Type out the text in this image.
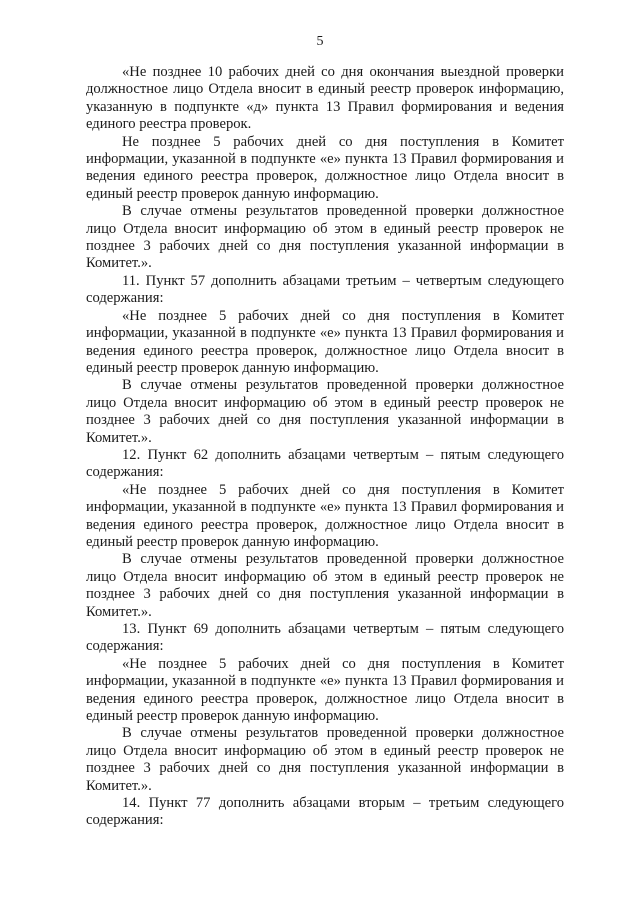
5

«Не позднее 10 рабочих дней со дня окончания выездной проверки должностное лицо Отдела вносит в единый реестр проверок информацию, указанную в подпункте «д» пункта 13 Правил формирования и ведения единого реестра проверок.

Не позднее 5 рабочих дней со дня поступления в Комитет информации, указанной в подпункте «е» пункта 13 Правил формирования и ведения единого реестра проверок, должностное лицо Отдела вносит в единый реестр проверок данную информацию.

В случае отмены результатов проведенной проверки должностное лицо Отдела вносит информацию об этом в единый реестр проверок не позднее 3 рабочих дней со дня поступления указанной информации в Комитет.».

11. Пункт 57 дополнить абзацами третьим – четвертым следующего содержания:

«Не позднее 5 рабочих дней со дня поступления в Комитет информации, указанной в подпункте «е» пункта 13 Правил формирования и ведения единого реестра проверок, должностное лицо Отдела вносит в единый реестр проверок данную информацию.

В случае отмены результатов проведенной проверки должностное лицо Отдела вносит информацию об этом в единый реестр проверок не позднее 3 рабочих дней со дня поступления указанной информации в Комитет.».

12. Пункт 62 дополнить абзацами четвертым – пятым следующего содержания:

«Не позднее 5 рабочих дней со дня поступления в Комитет информации, указанной в подпункте «е» пункта 13 Правил формирования и ведения единого реестра проверок, должностное лицо Отдела вносит в единый реестр проверок данную информацию.

В случае отмены результатов проведенной проверки должностное лицо Отдела вносит информацию об этом в единый реестр проверок не позднее 3 рабочих дней со дня поступления указанной информации в Комитет.».

13. Пункт 69 дополнить абзацами четвертым – пятым следующего содержания:

«Не позднее 5 рабочих дней со дня поступления в Комитет информации, указанной в подпункте «е» пункта 13 Правил формирования и ведения единого реестра проверок, должностное лицо Отдела вносит в единый реестр проверок данную информацию.

В случае отмены результатов проведенной проверки должностное лицо Отдела вносит информацию об этом в единый реестр проверок не позднее 3 рабочих дней со дня поступления указанной информации в Комитет.».

14. Пункт 77 дополнить абзацами вторым – третьим следующего содержания:
